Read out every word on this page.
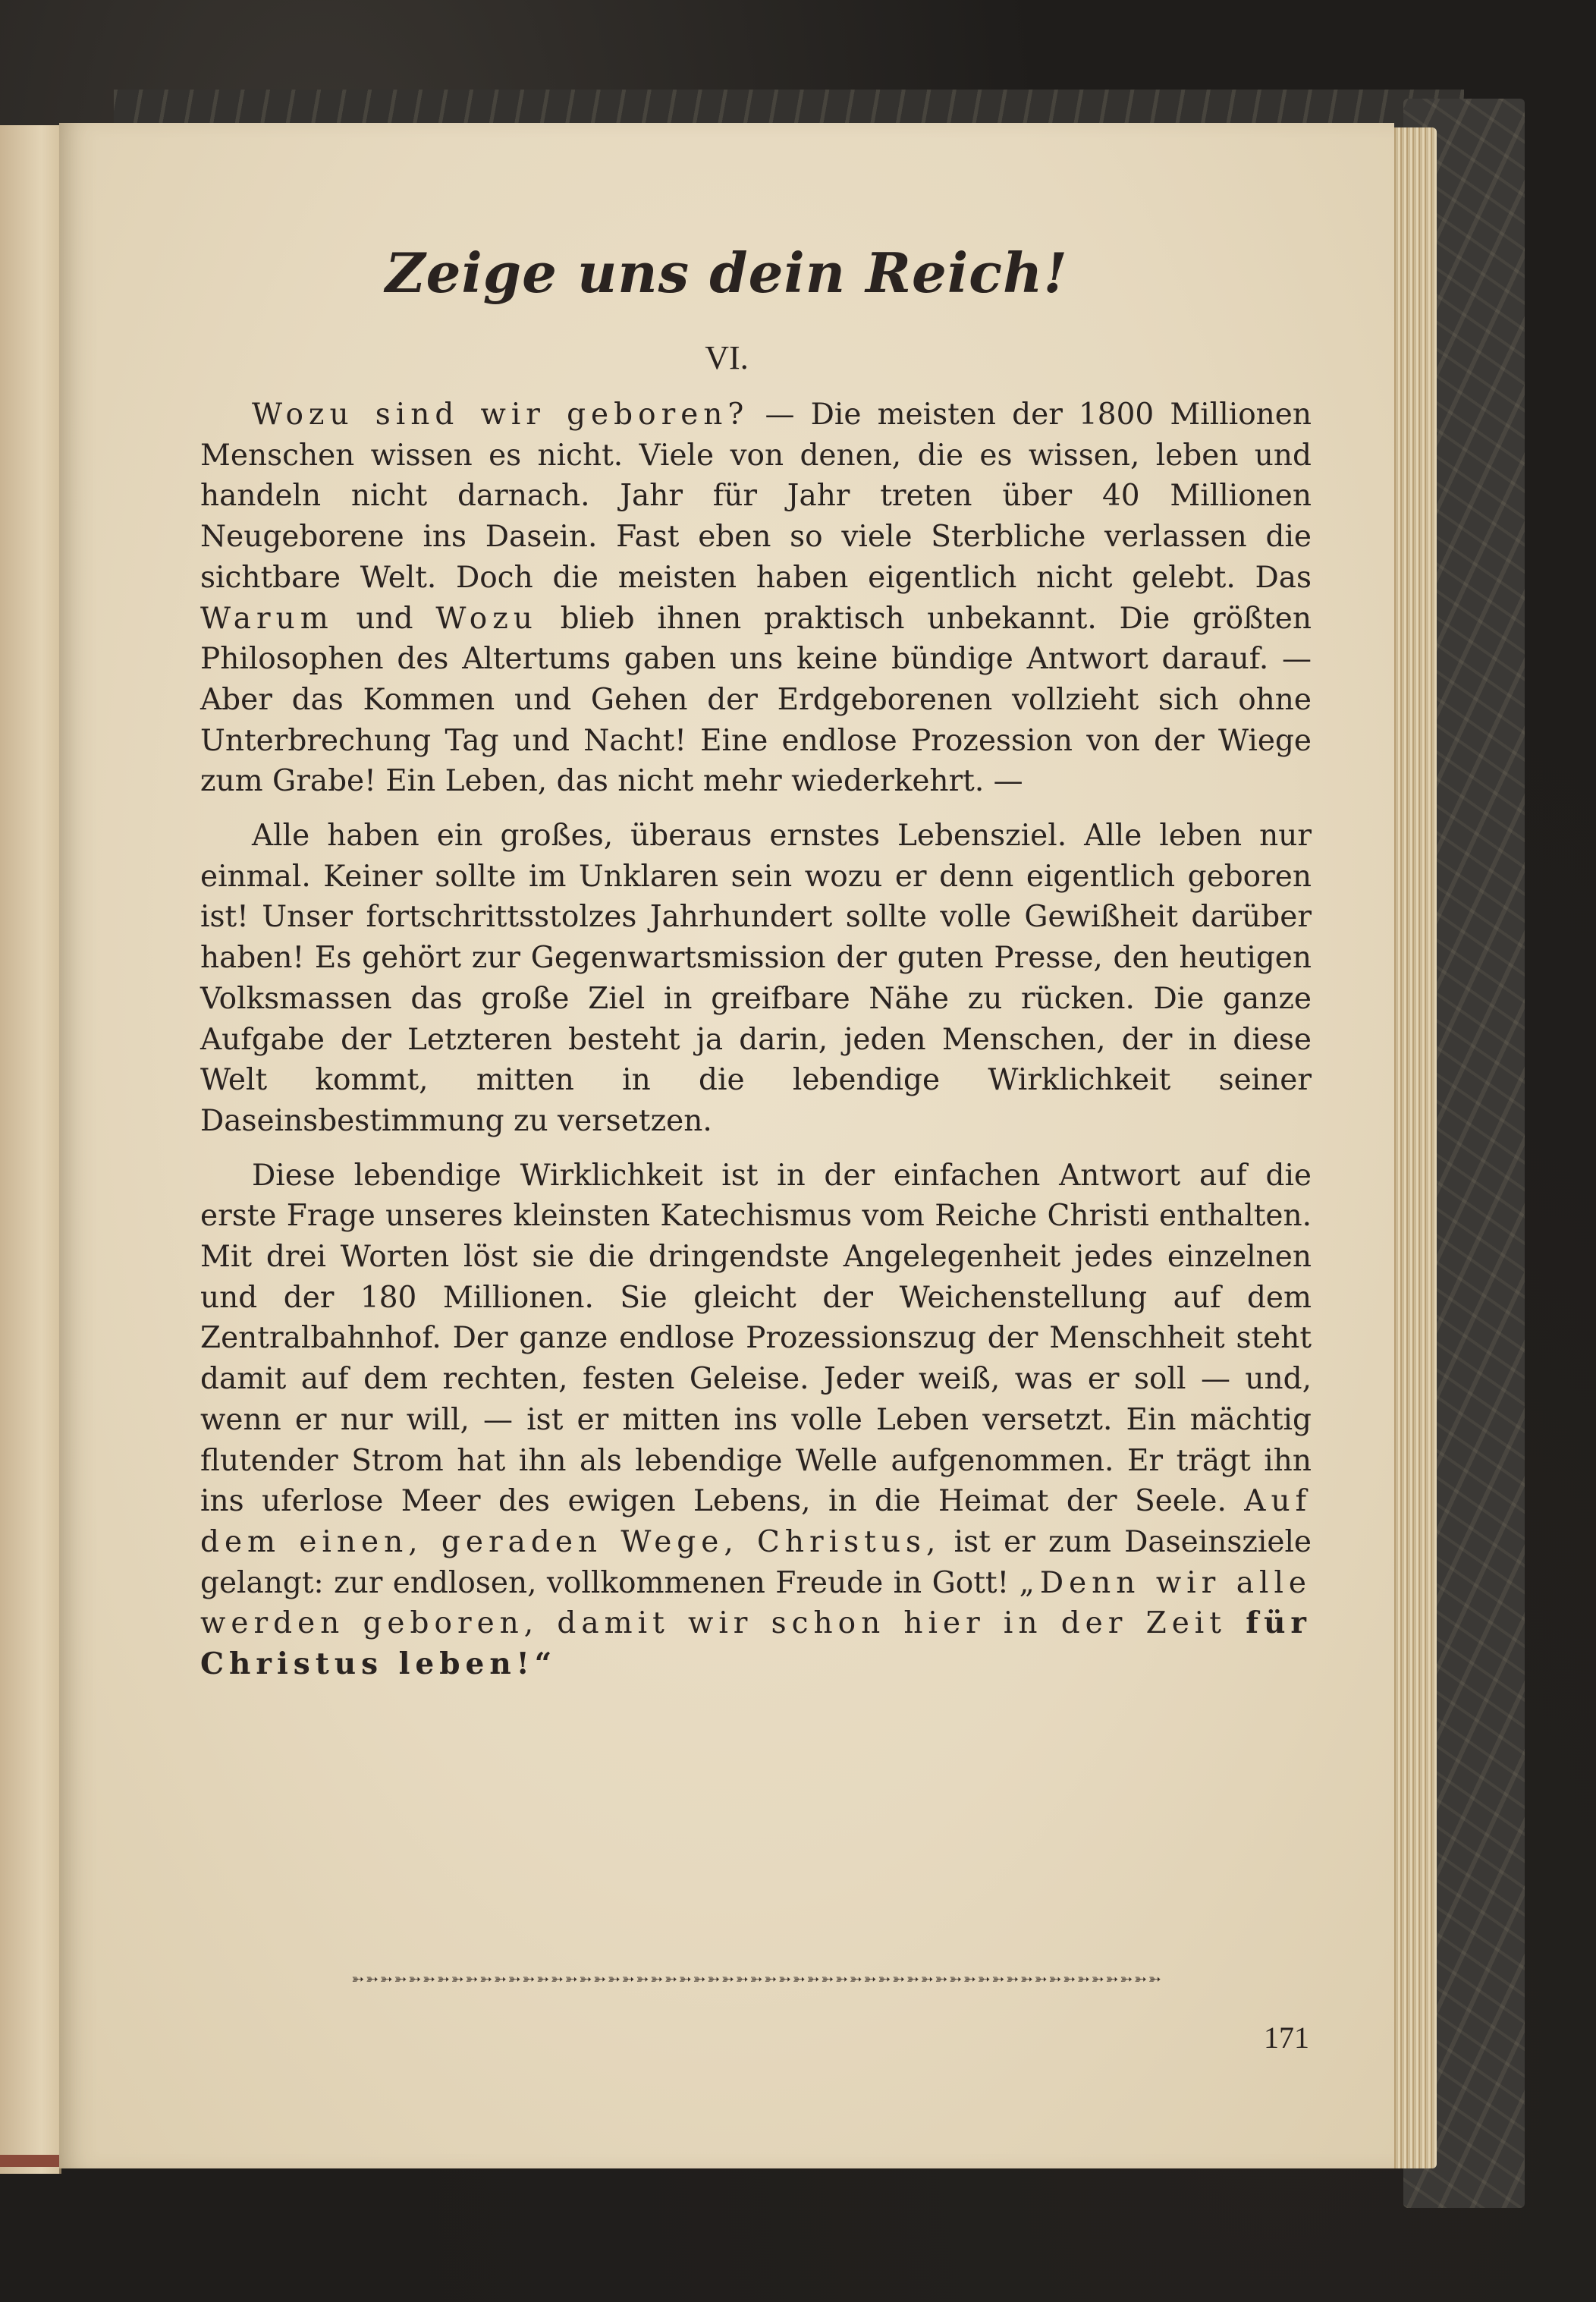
Zeige uns dein Reich!
VI.

Wozu sind wir geboren? — Die meisten der 1800 Millionen Menschen wissen es nicht. Viele von denen, die es wissen, leben und handeln nicht darnach. Jahr für Jahr treten über 40 Millionen Neugeborene ins Dasein. Fast eben so viele Sterbliche verlassen die sichtbare Welt. Doch die meisten haben eigentlich nicht gelebt. Das Warum und Wozu blieb ihnen praktisch unbekannt. Die größten Philosophen des Altertums gaben uns keine bündige Antwort darauf. — Aber das Kommen und Gehen der Erdgeborenen vollzieht sich ohne Unterbrechung Tag und Nacht! Eine endlose Prozession von der Wiege zum Grabe! Ein Leben, das nicht mehr wiederkehrt. —

Alle haben ein großes, überaus ernstes Lebensziel. Alle leben nur einmal. Keiner sollte im Unklaren sein wozu er denn eigentlich geboren ist! Unser fortschrittsstolzes Jahrhundert sollte volle Gewißheit darüber haben! Es gehört zur Gegenwartsmission der guten Presse, den heutigen Volksmassen das große Ziel in greifbare Nähe zu rücken. Die ganze Aufgabe der Letzteren besteht ja darin, jeden Menschen, der in diese Welt kommt, mitten in die lebendige Wirklichkeit seiner Daseinsbestimmung zu versetzen.

Diese lebendige Wirklichkeit ist in der einfachen Antwort auf die erste Frage unseres kleinsten Katechismus vom Reiche Christi enthalten. Mit drei Worten löst sie die dringendste Angelegenheit jedes einzelnen und der 180 Millionen. Sie gleicht der Weichenstellung auf dem Zentralbahnhof. Der ganze endlose Prozessionszug der Menschheit steht damit auf dem rechten, festen Geleise. Jeder weiß, was er soll — und, wenn er nur will, — ist er mitten ins volle Leben versetzt. Ein mächtig flutender Strom hat ihn als lebendige Welle aufgenommen. Er trägt ihn ins uferlose Meer des ewigen Lebens, in die Heimat der Seele. Auf dem einen, geraden Wege, Christus, ist er zum Daseinsziele gelangt: zur endlosen, vollkommenen Freude in Gott! „Denn wir alle werden geboren, damit wir schon hier in der Zeit für Christus leben!“

➳➳➳➳➳➳➳➳➳➳➳➳➳➳➳➳➳➳➳➳➳➳➳➳➳➳➳➳➳➳➳➳➳➳➳➳➳➳➳➳➳➳➳➳➳➳➳➳➳➳➳➳➳➳➳➳➳
171
